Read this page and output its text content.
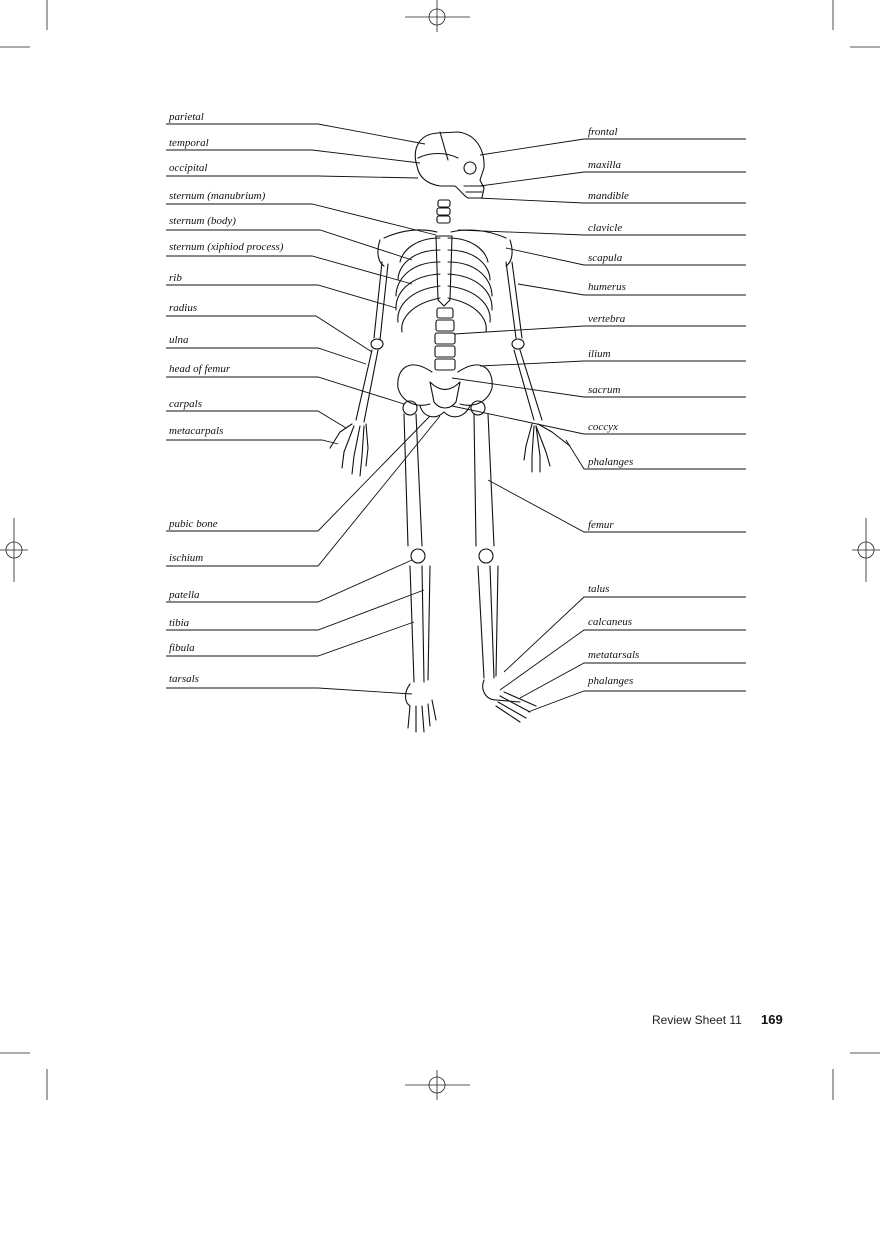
parietal
temporal
occipital
sternum (manubrium)
sternum (body)
sternum (xiphiod process)
rib
radius
ulna
head of femur
carpals
metacarpals
pubic bone
ischium
patella
tibia
fibula
tarsals
frontal
maxilla
mandible
clavicle
scapula
humerus
vertebra
ilium
sacrum
coccyx
phalanges
femur
talus
calcaneus
metatarsals
phalanges
Review Sheet 11 169
